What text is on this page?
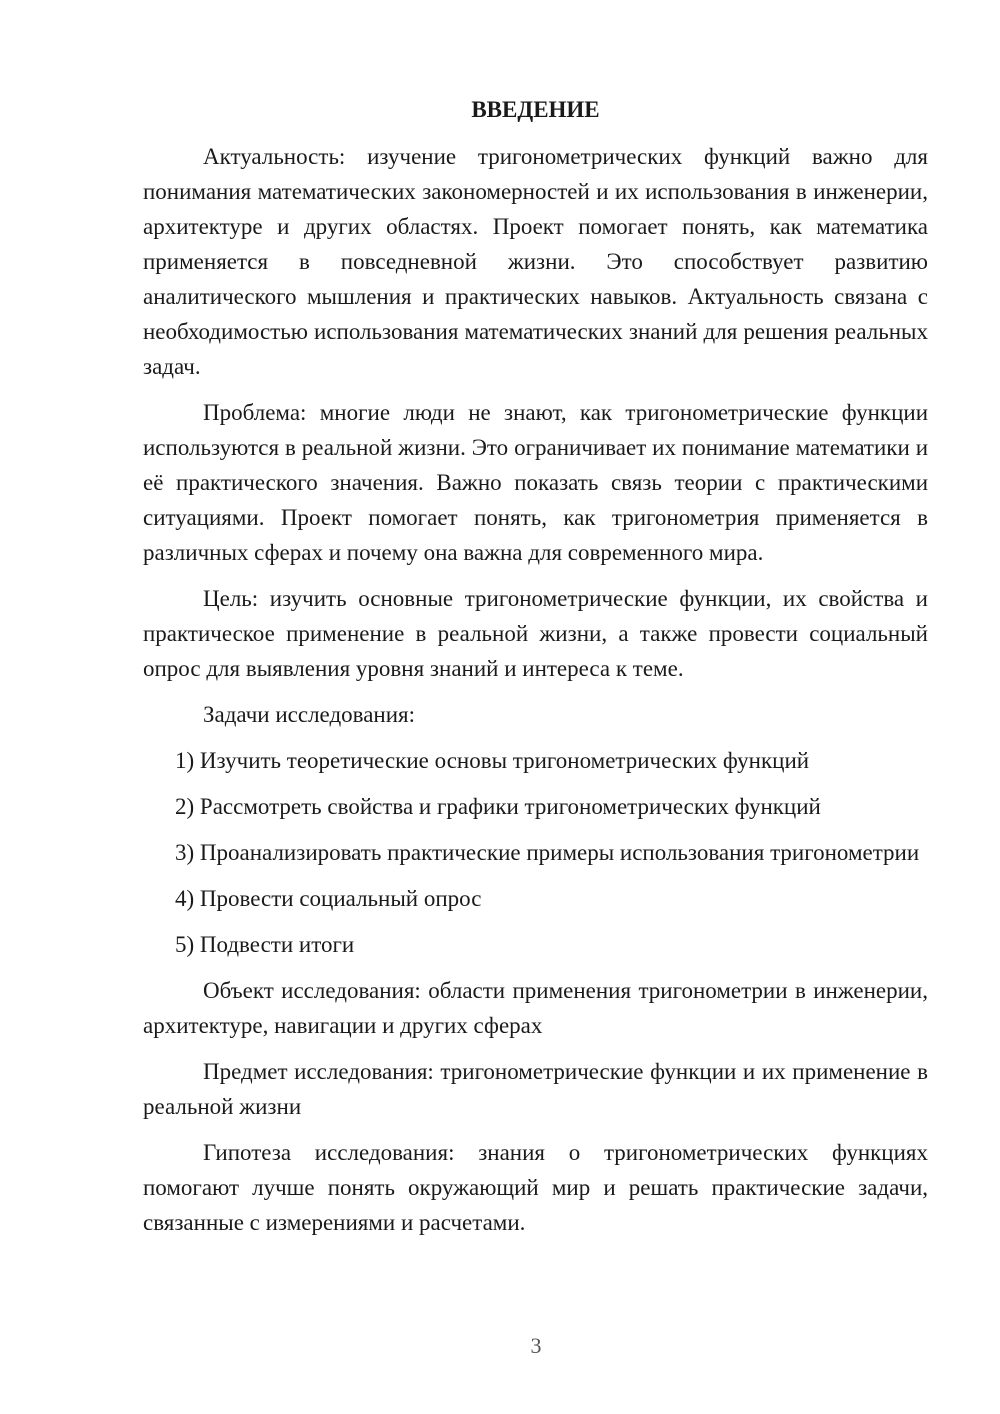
ВВЕДЕНИЕ

Актуальность: изучение тригонометрических функций важно для понимания математических закономерностей и их использования в инженерии, архитектуре и других областях. Проект помогает понять, как математика применяется в повседневной жизни. Это способствует развитию аналитического мышления и практических навыков. Актуальность связана с необходимостью использования математических знаний для решения реальных задач.

Проблема: многие люди не знают, как тригонометрические функции используются в реальной жизни. Это ограничивает их понимание математики и её практического значения. Важно показать связь теории с практическими ситуациями. Проект помогает понять, как тригонометрия применяется в различных сферах и почему она важна для современного мира.

Цель: изучить основные тригонометрические функции, их свойства и практическое применение в реальной жизни, а также провести социальный опрос для выявления уровня знаний и интереса к теме.

Задачи исследования:

1) Изучить теоретические основы тригонометрических функций

2) Рассмотреть свойства и графики тригонометрических функций

3) Проанализировать практические примеры использования тригонометрии

4) Провести социальный опрос

5) Подвести итоги

Объект исследования: области применения тригонометрии в инженерии, архитектуре, навигации и других сферах

Предмет исследования: тригонометрические функции и их применение в реальной жизни

Гипотеза исследования: знания о тригонометрических функциях помогают лучше понять окружающий мир и решать практические задачи, связанные с измерениями и расчетами.

3
